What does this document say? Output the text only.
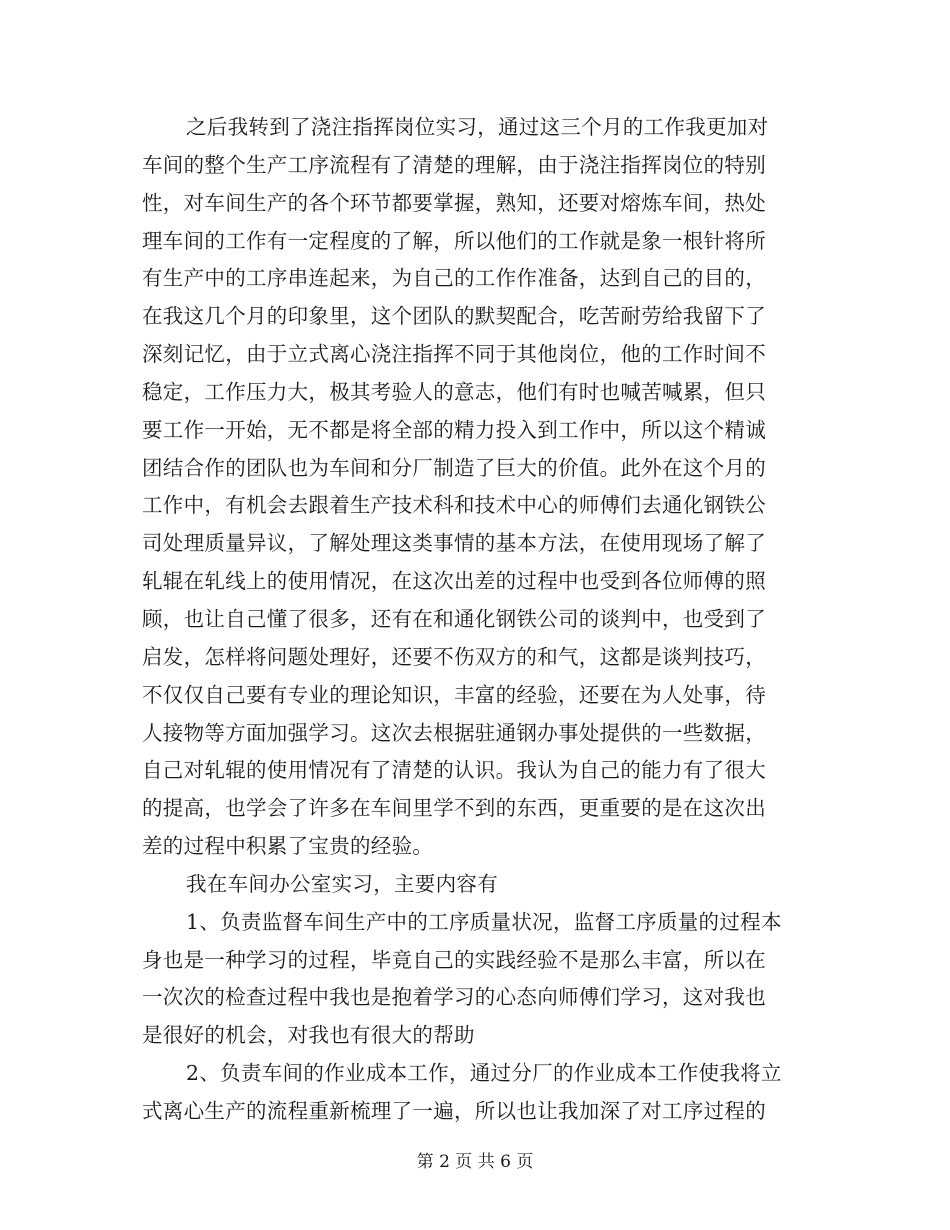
之后我转到了浇注指挥岗位实习，通过这三个月的工作我更加对
车间的整个生产工序流程有了清楚的理解，由于浇注指挥岗位的特别
性，对车间生产的各个环节都要掌握，熟知，还要对熔炼车间，热处
理车间的工作有一定程度的了解，所以他们的工作就是象一根针将所
有生产中的工序串连起来，为自己的工作作准备，达到自己的目的，
在我这几个月的印象里，这个团队的默契配合，吃苦耐劳给我留下了
深刻记忆，由于立式离心浇注指挥不同于其他岗位，他的工作时间不
稳定，工作压力大，极其考验人的意志，他们有时也喊苦喊累，但只
要工作一开始，无不都是将全部的精力投入到工作中，所以这个精诚
团结合作的团队也为车间和分厂制造了巨大的价值。此外在这个月的
工作中，有机会去跟着生产技术科和技术中心的师傅们去通化钢铁公
司处理质量异议，了解处理这类事情的基本方法，在使用现场了解了
轧辊在轧线上的使用情况，在这次出差的过程中也受到各位师傅的照
顾，也让自己懂了很多，还有在和通化钢铁公司的谈判中，也受到了
启发，怎样将问题处理好，还要不伤双方的和气，这都是谈判技巧，
不仅仅自己要有专业的理论知识，丰富的经验，还要在为人处事，待
人接物等方面加强学习。这次去根据驻通钢办事处提供的一些数据，
自己对轧辊的使用情况有了清楚的认识。我认为自己的能力有了很大
的提高，也学会了许多在车间里学不到的东西，更重要的是在这次出
差的过程中积累了宝贵的经验。
我在车间办公室实习，主要内容有
1、负责监督车间生产中的工序质量状况，监督工序质量的过程本
身也是一种学习的过程，毕竟自己的实践经验不是那么丰富，所以在
一次次的检查过程中我也是抱着学习的心态向师傅们学习，这对我也
是很好的机会，对我也有很大的帮助
2、负责车间的作业成本工作，通过分厂的作业成本工作使我将立
式离心生产的流程重新梳理了一遍，所以也让我加深了对工序过程的
第 2 页 共 6 页
